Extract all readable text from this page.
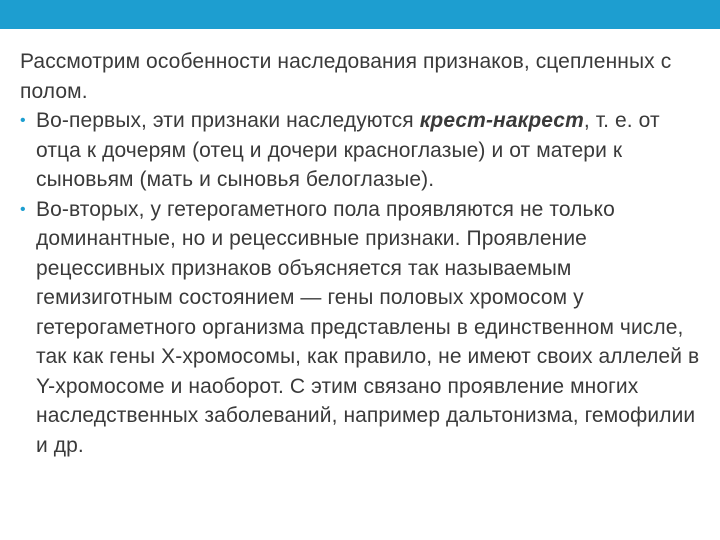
Рассмотрим особенности наследования признаков, сцепленных с полом.

• Во-первых, эти признаки наследуются крест-накрест, т. е. от отца к дочерям (отец и дочери красноглазые) и от матери к сыновьям (мать и сыновья белоглазые).
• Во-вторых, у гетерогаметного пола проявляются не только доминантные, но и рецессивные признаки. Проявление рецессивных признаков объясняется так называемым гемизиготным состоянием — гены половых хромосом у гетерогаметного организма представлены в единственном числе, так как гены X-хромосомы, как правило, не имеют своих аллелей в Y-хромосоме и наоборот. С этим связано проявление многих наследственных заболеваний, например дальтонизма, гемофилии и др.
